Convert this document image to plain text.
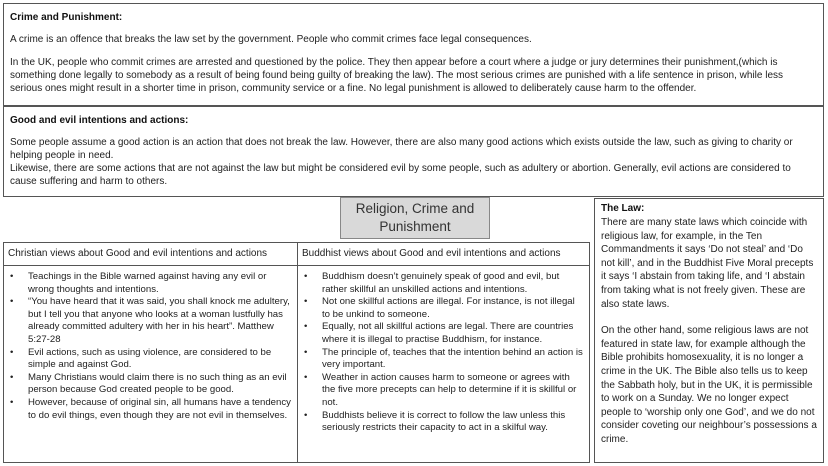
Crime and Punishment:

A crime is an offence that breaks the law set by the government. People who commit crimes face legal consequences.

In the UK, people who commit crimes are arrested and questioned by the police. They then appear before a court where a judge or jury determines their punishment,(which is something done legally to somebody as a result of being found being guilty of breaking the law). The most serious crimes are punished with a life sentence in prison, while less serious ones might result in a shorter time in prison, community service or a fine. No legal punishment is allowed to deliberately cause harm to the offender.

Good and evil intentions and actions:

Some people assume a good action is an action that does not break the law. However, there are also many good actions which exists outside the law, such as giving to charity or helping people in need.

Likewise, there are some actions that are not against the law but might be considered evil by some people, such as adultery or abortion. Generally, evil actions are considered to cause suffering and harm to others.

Religion, Crime and Punishment
Christian views about Good and evil intentions and actions
• Teachings in the Bible warned against having any evil or wrong thoughts and intentions.
• “You have heard that it was said, you shall knock me adultery, but I tell you that anyone who looks at a woman lustfully has already committed adultery with her in his heart”. Matthew 5:27-28
• Evil actions, such as using violence, are considered to be simple and against God.
• Many Christians would claim there is no such thing as an evil person because God created people to be good.
• However, because of original sin, all humans have a tendency to do evil things, even though they are not evil in themselves.
Buddhist views about Good and evil intentions and actions
• Buddhism doesn’t genuinely speak of good and evil, but rather skillful an unskilled actions and intentions.
• Not one skillful actions are illegal. For instance, is not illegal to be unkind to someone.
• Equally, not all skillful actions are legal. There are countries where it is illegal to practise Buddhism, for instance.
• The principle of, teaches that the intention behind an action is very important.
• Weather in action causes harm to someone or agrees with the five more precepts can help to determine if it is skillful or not.
• Buddhists believe it is correct to follow the law unless this seriously restricts their capacity to act in a skilful way.
The Law:

There are many state laws which coincide with religious law, for example, in the Ten Commandments it says ‘Do not steal’ and ‘Do not kill’, and in the Buddhist Five Moral precepts it says ‘I abstain from taking life, and ‘I abstain from taking what is not freely given. These are also state laws.

On the other hand, some religious laws are not featured in state law, for example although the Bible prohibits homosexuality, it is no longer a crime in the UK. The Bible also tells us to keep the Sabbath holy, but in the UK, it is permissible to work on a Sunday. We no longer expect people to ‘worship only one God’, and we do not consider coveting our neighbour’s possessions a crime.
